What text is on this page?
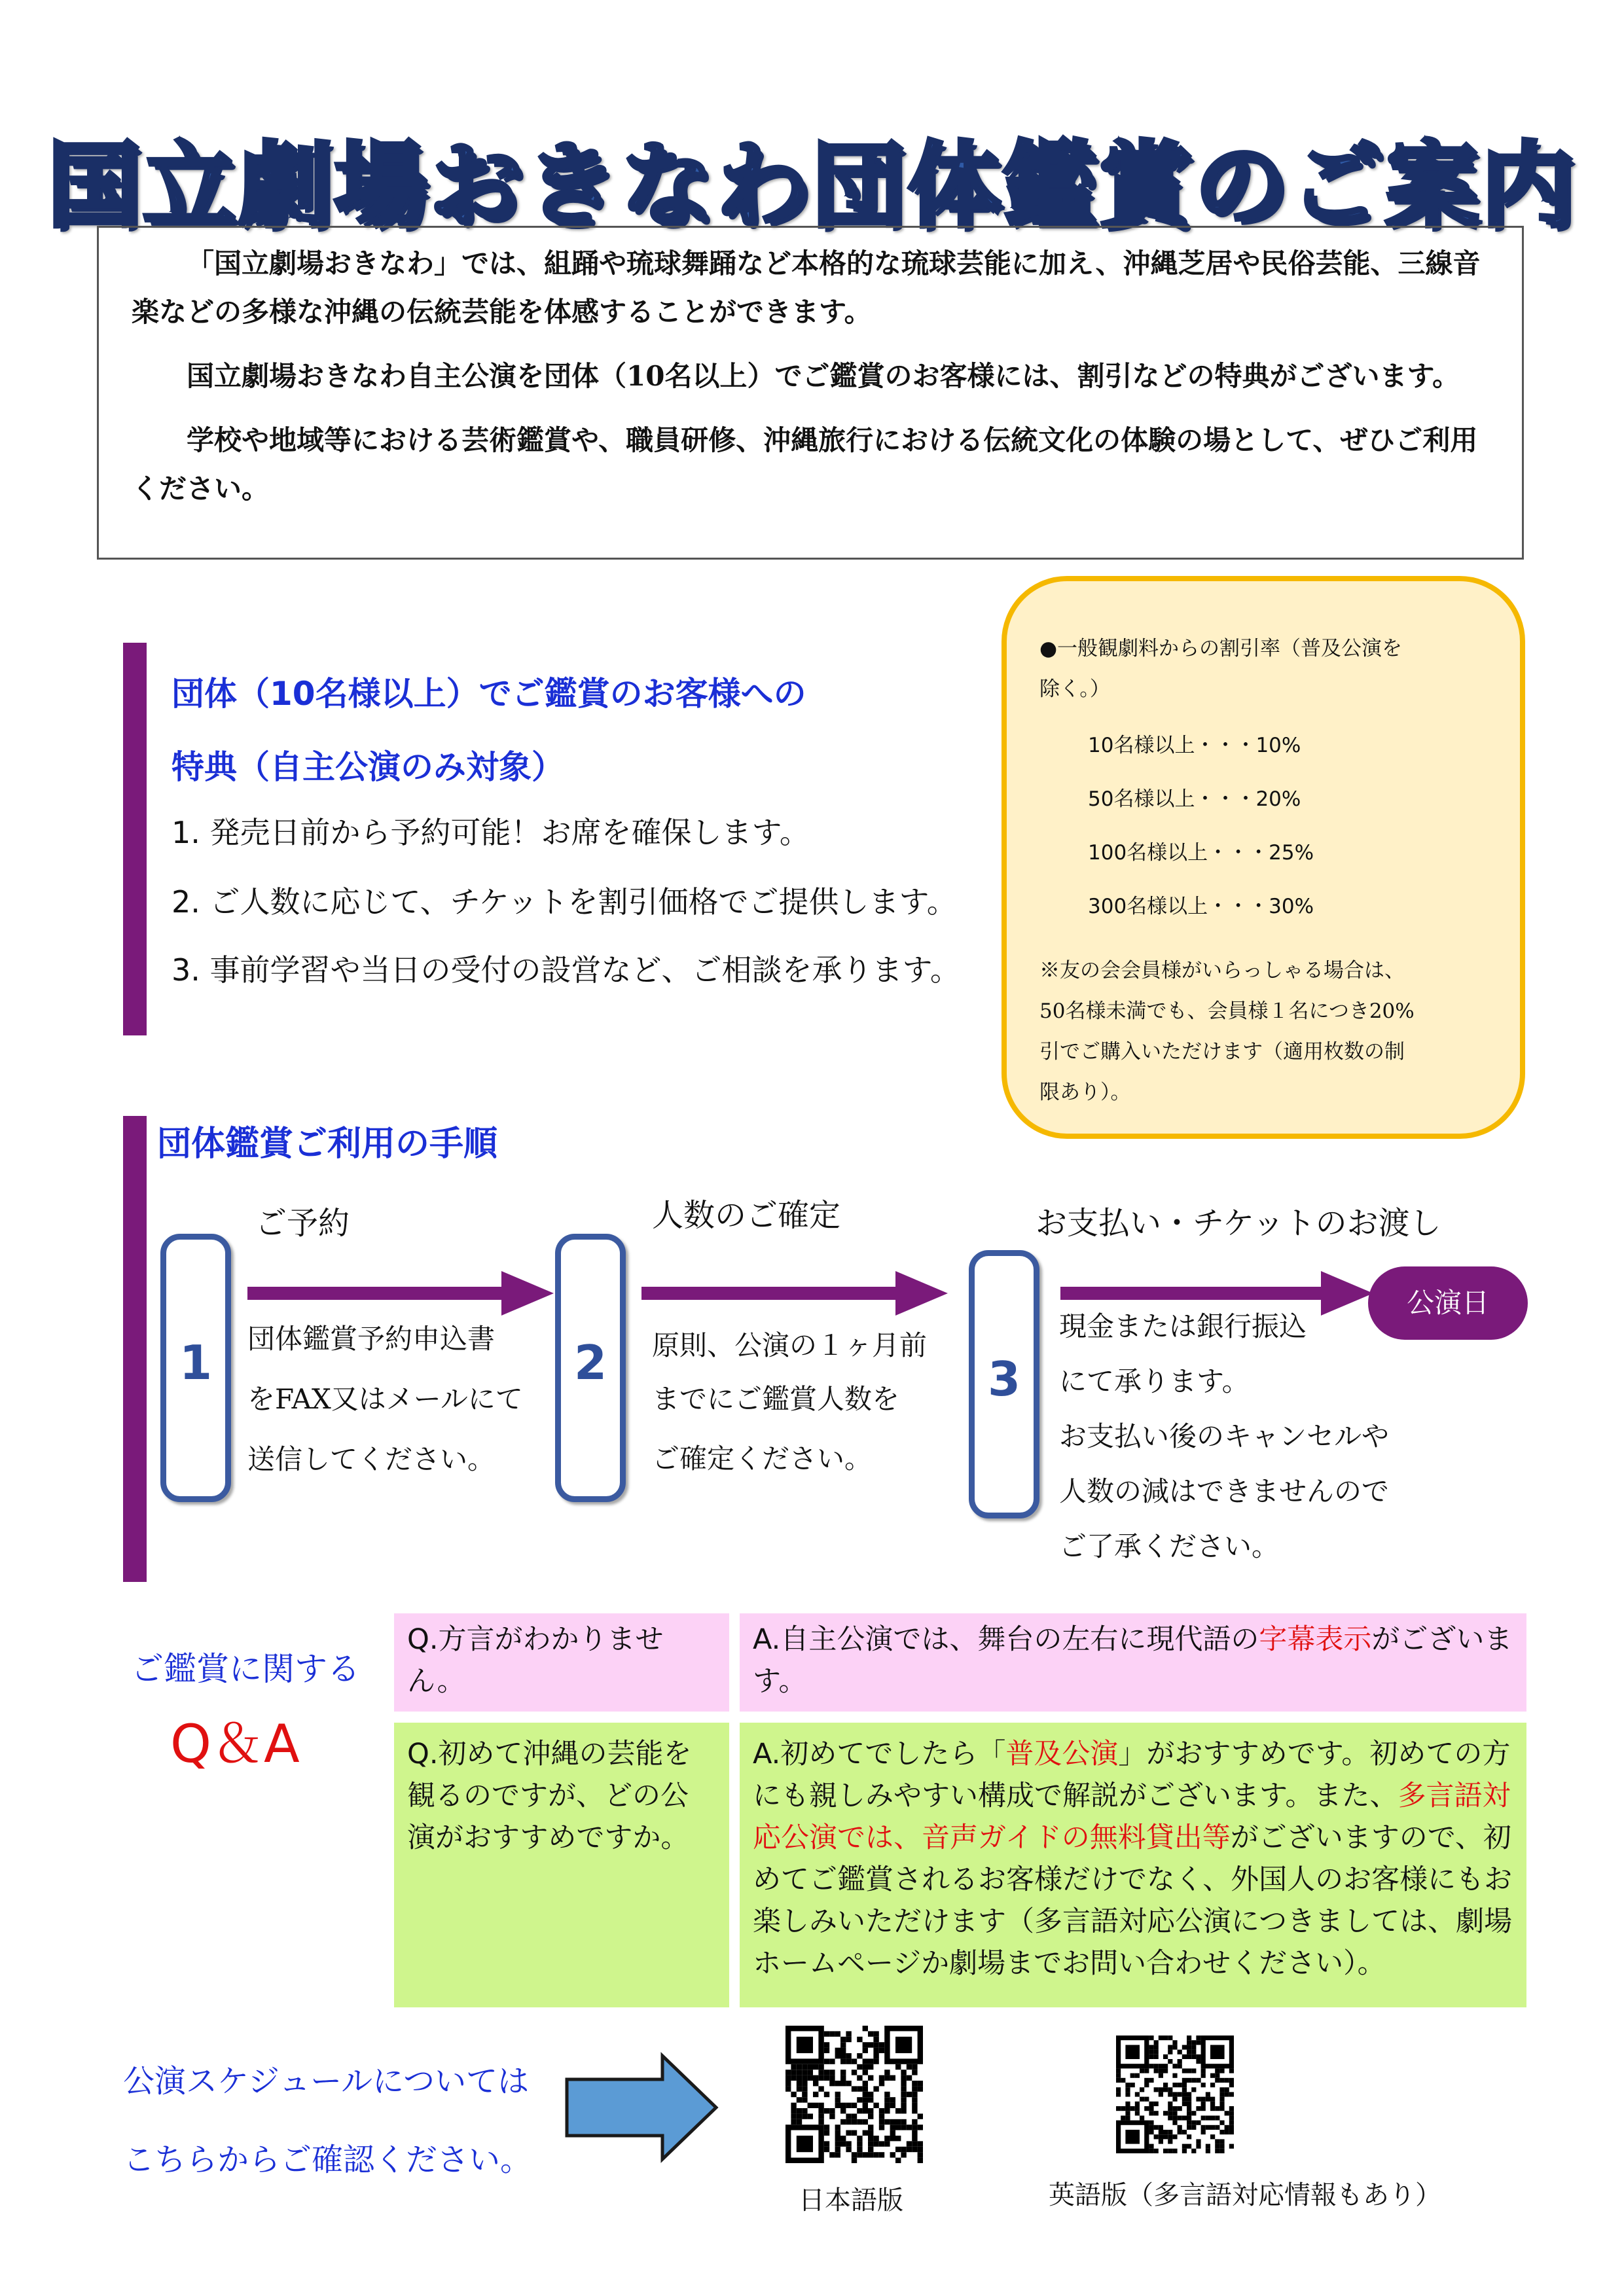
国立劇場おきなわ団体鑑賞のご案内

「国立劇場おきなわ」では、組踊や琉球舞踊など本格的な琉球芸能に加え、沖縄芝居や民俗芸能、三線音楽などの多様な沖縄の伝統芸能を体感することができます。

国立劇場おきなわ自主公演を団体（10名以上）でご鑑賞のお客様には、割引などの特典がございます。

学校や地域等における芸術鑑賞や、職員研修、沖縄旅行における伝統文化の体験の場として、ぜひご利用ください。

団体（10名様以上）でご鑑賞のお客様への
特典（自主公演のみ対象）
1. 発売日前から予約可能！お席を確保します。
2. ご人数に応じて、チケットを割引価格でご提供します。
3. 事前学習や当日の受付の設営など、ご相談を承ります。
●一般観劇料からの割引率（普及公演を
除く。）
10名様以上・・・10%
50名様以上・・・20%
100名様以上・・・25%
300名様以上・・・30%
※友の会会員様がいらっしゃる場合は、
50名様未満でも、会員様１名につき20%
引でご購入いただけます（適用枚数の制
限あり）。
団体鑑賞ご利用の手順
ご予約
1	団体鑑賞予約申込書
をFAX又はメールにて
送信してください。
人数のご確定
2	原則、公演の１ヶ月前
までにご鑑賞人数を
ご確定ください。
お支払い・チケットのお渡し
3
公演日
現金または銀行振込
にて承ります。
お支払い後のキャンセルや
人数の減はできませんので
ご了承ください。
ご鑑賞に関する
Q＆A
Q.方言がわかりません。
A.自主公演では、舞台の左右に現代語の字幕表示がございます。
Q.初めて沖縄の芸能を観るのですが、どの公演がおすすめですか。
A.初めてでしたら「普及公演」がおすすめです。初めての方にも親しみやすい構成で解説がございます。また、多言語対応公演では、音声ガイドの無料貸出等がございますので、初めてご鑑賞されるお客様だけでなく、外国人のお客様にもお楽しみいただけます（多言語対応公演につきましては、劇場ホームページか劇場までお問い合わせください）。
公演スケジュールについては
こちらからご確認ください。
日本語版	英語版（多言語対応情報もあり）
